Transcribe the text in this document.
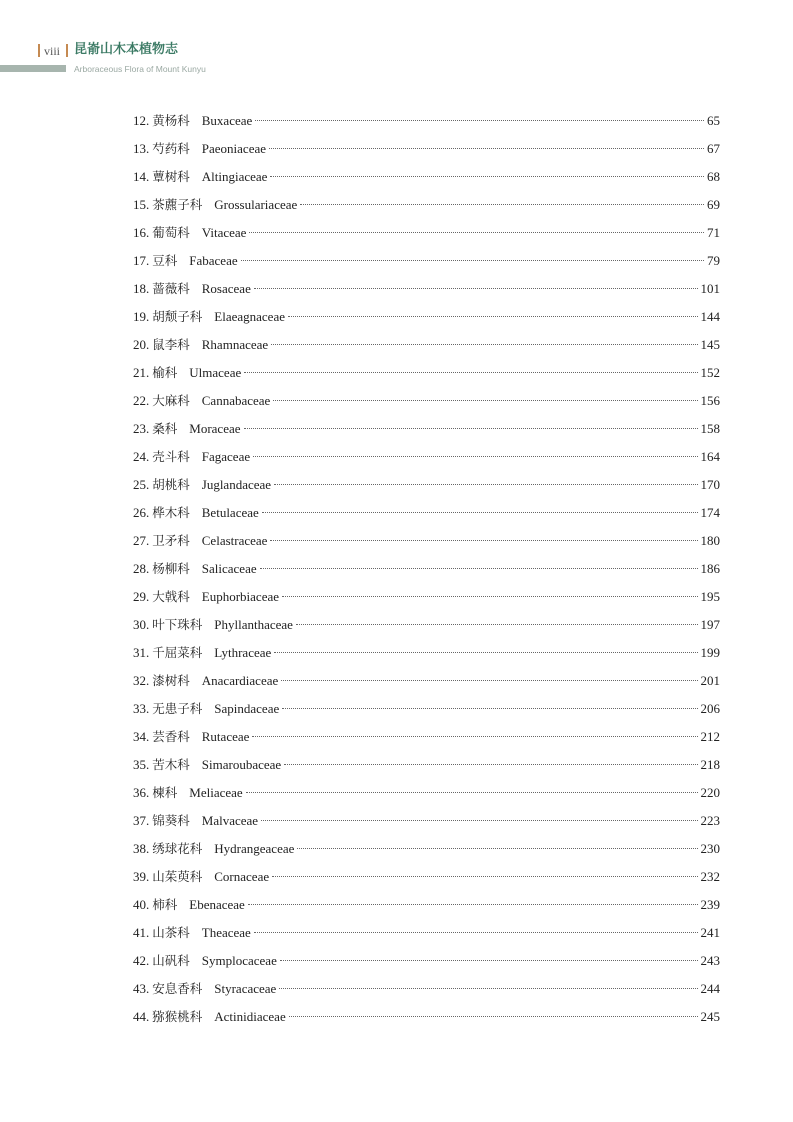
viii 昆嵛山木本植物志
Arboraceous Flora of Mount Kunyu
12. 黄杨科 Buxaceae	65
13. 芍药科 Paeoniaceae	67
14. 蕈树科 Altingiaceae	68
15. 茶藨子科 Grossulariaceae	69
16. 葡萄科 Vitaceae	71
17. 豆科 Fabaceae	79
18. 蔷薇科 Rosaceae	101
19. 胡颓子科 Elaeagnaceae	144
20. 鼠李科 Rhamnaceae	145
21. 榆科 Ulmaceae	152
22. 大麻科 Cannabaceae	156
23. 桑科 Moraceae	158
24. 壳斗科 Fagaceae	164
25. 胡桃科 Juglandaceae	170
26. 桦木科 Betulaceae	174
27. 卫矛科 Celastraceae	180
28. 杨柳科 Salicaceae	186
29. 大戟科 Euphorbiaceae	195
30. 叶下珠科 Phyllanthaceae	197
31. 千屈菜科 Lythraceae	199
32. 漆树科 Anacardiaceae	201
33. 无患子科 Sapindaceae	206
34. 芸香科 Rutaceae	212
35. 苦木科 Simaroubaceae	218
36. 楝科 Meliaceae	220
37. 锦葵科 Malvaceae	223
38. 绣球花科 Hydrangeaceae	230
39. 山茱萸科 Cornaceae	232
40. 柿科 Ebenaceae	239
41. 山茶科 Theaceae	241
42. 山矾科 Symplocaceae	243
43. 安息香科 Styracaceae	244
44. 猕猴桃科 Actinidiaceae	245
